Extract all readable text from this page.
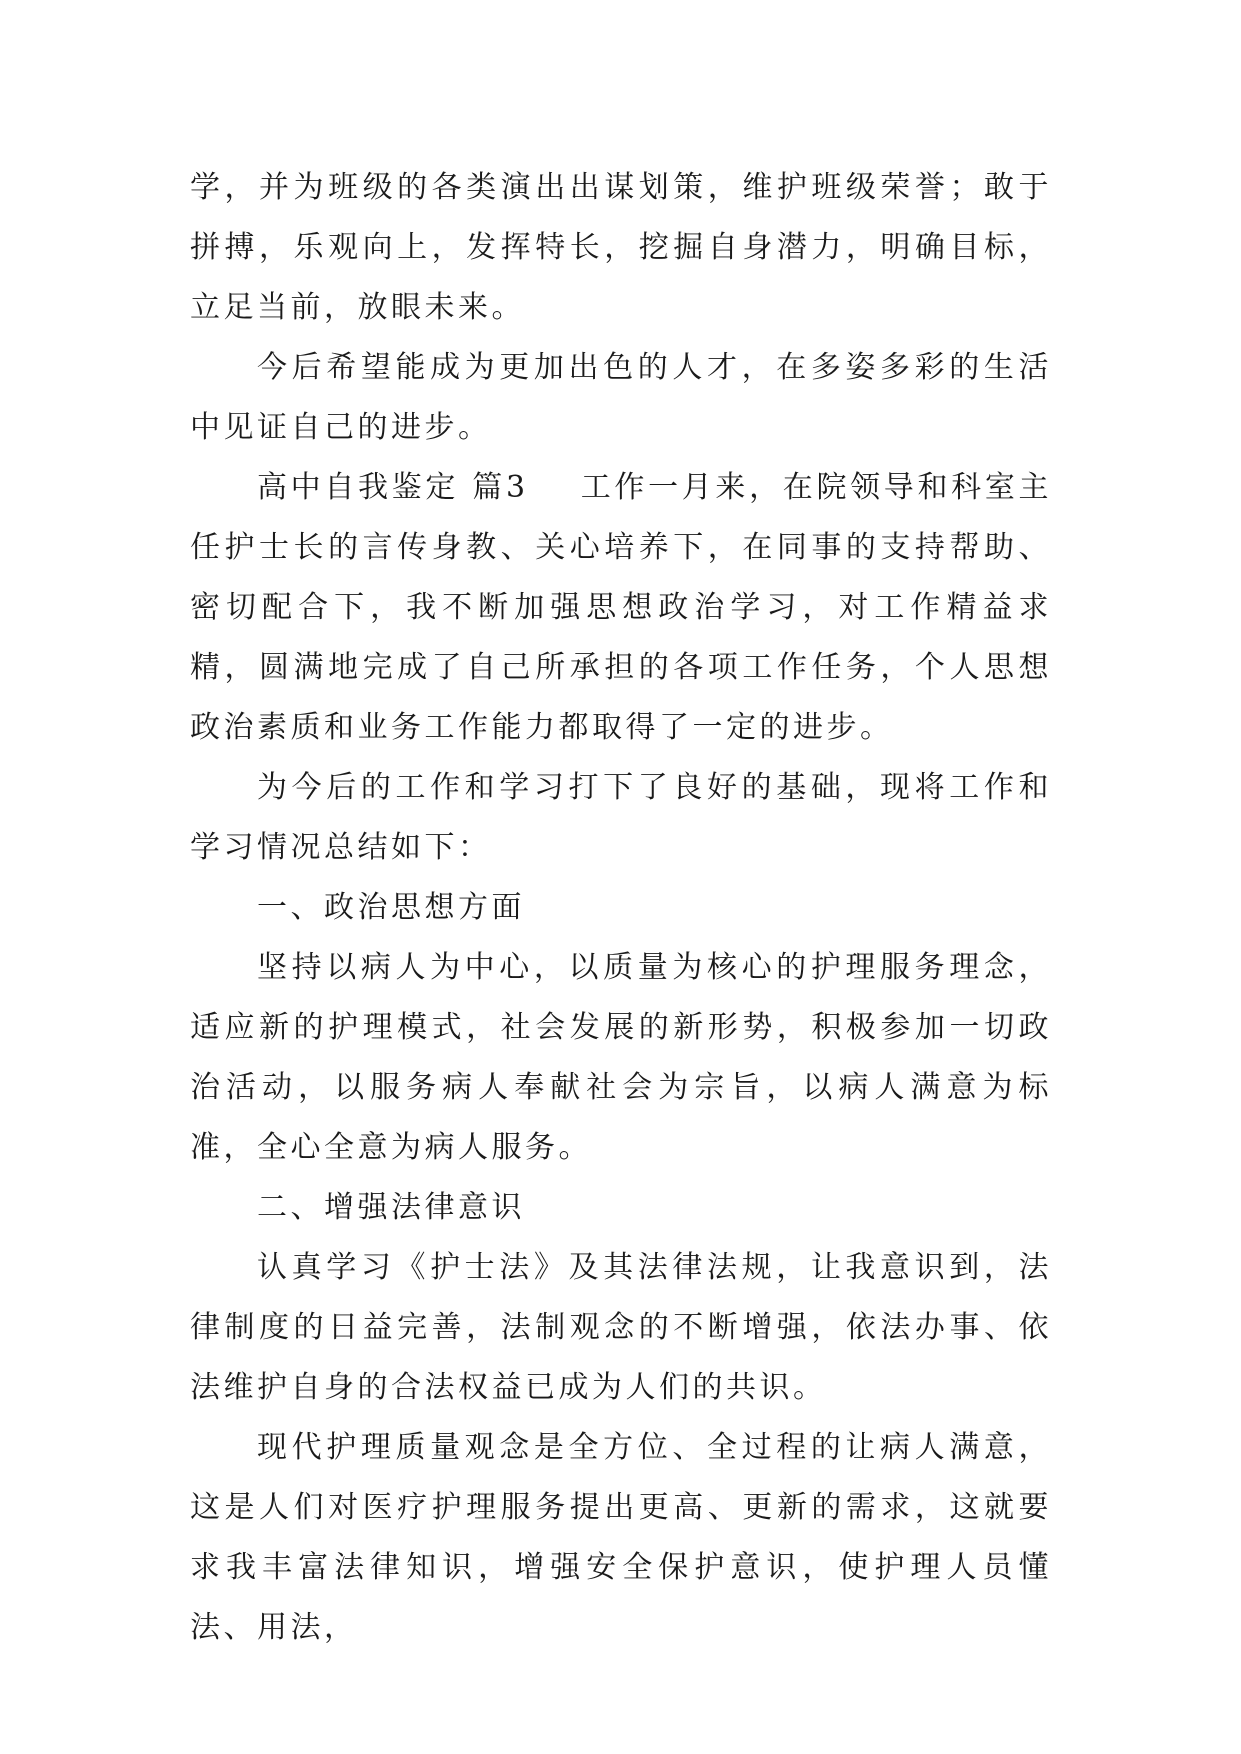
学，并为班级的各类演出出谋划策，维护班级荣誉；敢于拼搏，乐观向上，发挥特长，挖掘自身潜力，明确目标，立足当前，放眼未来。

今后希望能成为更加出色的人才，在多姿多彩的生活中见证自己的进步。

高中自我鉴定 篇3 工作一月来，在院领导和科室主任护士长的言传身教、关心培养下，在同事的支持帮助、密切配合下，我不断加强思想政治学习，对工作精益求精，圆满地完成了自己所承担的各项工作任务，个人思想政治素质和业务工作能力都取得了一定的进步。

为今后的工作和学习打下了良好的基础，现将工作和学习情况总结如下：

一、政治思想方面

坚持以病人为中心，以质量为核心的护理服务理念，适应新的护理模式，社会发展的新形势，积极参加一切政治活动，以服务病人奉献社会为宗旨，以病人满意为标准，全心全意为病人服务。

二、增强法律意识

认真学习《护士法》及其法律法规，让我意识到，法律制度的日益完善，法制观念的不断增强，依法办事、依法维护自身的合法权益已成为人们的共识。

现代护理质量观念是全方位、全过程的让病人满意，这是人们对医疗护理服务提出更高、更新的需求，这就要求我丰富法律知识，增强安全保护意识，使护理人员懂法、用法，
